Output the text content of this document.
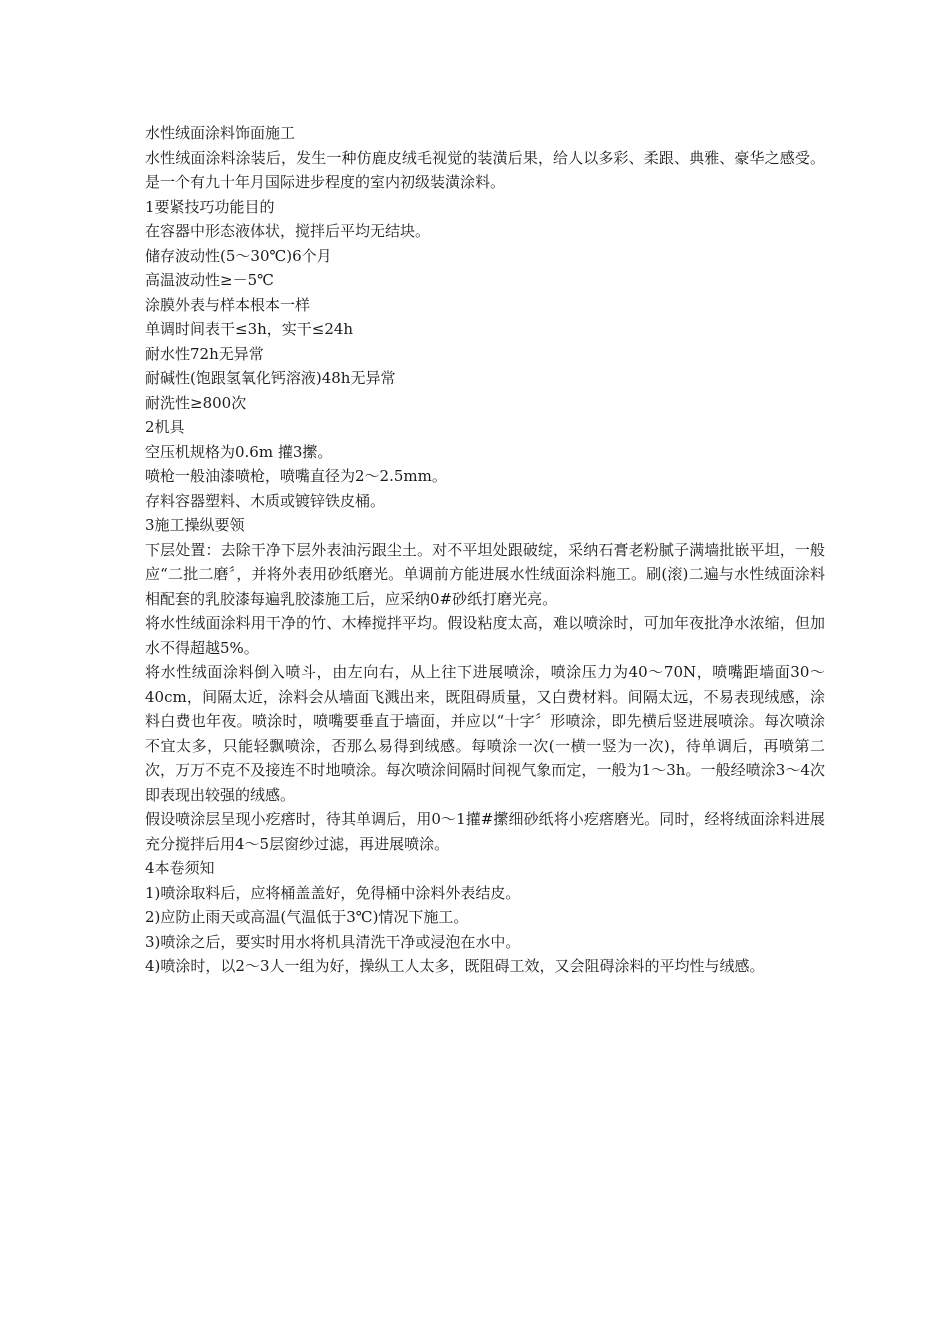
水性绒面涂料饰面施工

水性绒面涂料涂装后，发生一种仿鹿皮绒毛视觉的装潢后果，给人以多彩、柔跟、典雅、豪华之感受。是一个有九十年月国际进步程度的室内初级装潢涂料。

1要紧技巧功能目的

在容器中形态液体状，搅拌后平均无结块。

储存波动性(5～30℃)6个月

高温波动性≥－5℃

涂膜外表与样本根本一样

单调时间表干≤3h，实干≤24h

耐水性72h无异常

耐碱性(饱跟氢氧化钙溶液)48h无异常

耐洗性≥800次

2机具

空压机规格为0.6m 㩲3㩯。

喷枪一般油漆喷枪，喷嘴直径为2～2.5mm。

存料容器塑料、木质或镀锌铁皮桶。

3施工操纵要领

下层处置：去除干净下层外表油污跟尘土。对不平坦处跟破绽，采纳石膏老粉腻子满墙批嵌平坦，一般应“二批二磨〞，并将外表用砂纸磨光。单调前方能进展水性绒面涂料施工。刷(滚)二遍与水性绒面涂料相配套的乳胶漆每遍乳胶漆施工后，应采纳0#砂纸打磨光亮。

将水性绒面涂料用干净的竹、木棒搅拌平均。假设粘度太高，难以喷涂时，可加年夜批净水浓缩，但加水不得超越5%。

将水性绒面涂料倒入喷斗，由左向右，从上往下进展喷涂，喷涂压力为40～70N，喷嘴距墙面30～40cm，间隔太近，涂料会从墙面飞溅出来，既阻碍质量，又白费材料。间隔太远，不易表现绒感，涂料白费也年夜。喷涂时，喷嘴要垂直于墙面，并应以“十字〞形喷涂，即先横后竖进展喷涂。每次喷涂不宜太多，只能轻飘喷涂，否那么易得到绒感。每喷涂一次(一横一竖为一次)，待单调后，再喷第二次，万万不克不及接连不时地喷涂。每次喷涂间隔时间视气象而定，一般为1～3h。一般经喷涂3～4次即表现出较强的绒感。

假设喷涂层呈现小疙瘩时，待其单调后，用0～1㩲#㩯细砂纸将小疙瘩磨光。同时，经将绒面涂料进展充分搅拌后用4～5层窗纱过滤，再进展喷涂。

4本卷须知

1)喷涂取料后，应将桶盖盖好，免得桶中涂料外表结皮。

2)应防止雨天或高温(气温低于3℃)情况下施工。

3)喷涂之后，要实时用水将机具清洗干净或浸泡在水中。

4)喷涂时，以2～3人一组为好，操纵工人太多，既阻碍工效，又会阻碍涂料的平均性与绒感。
